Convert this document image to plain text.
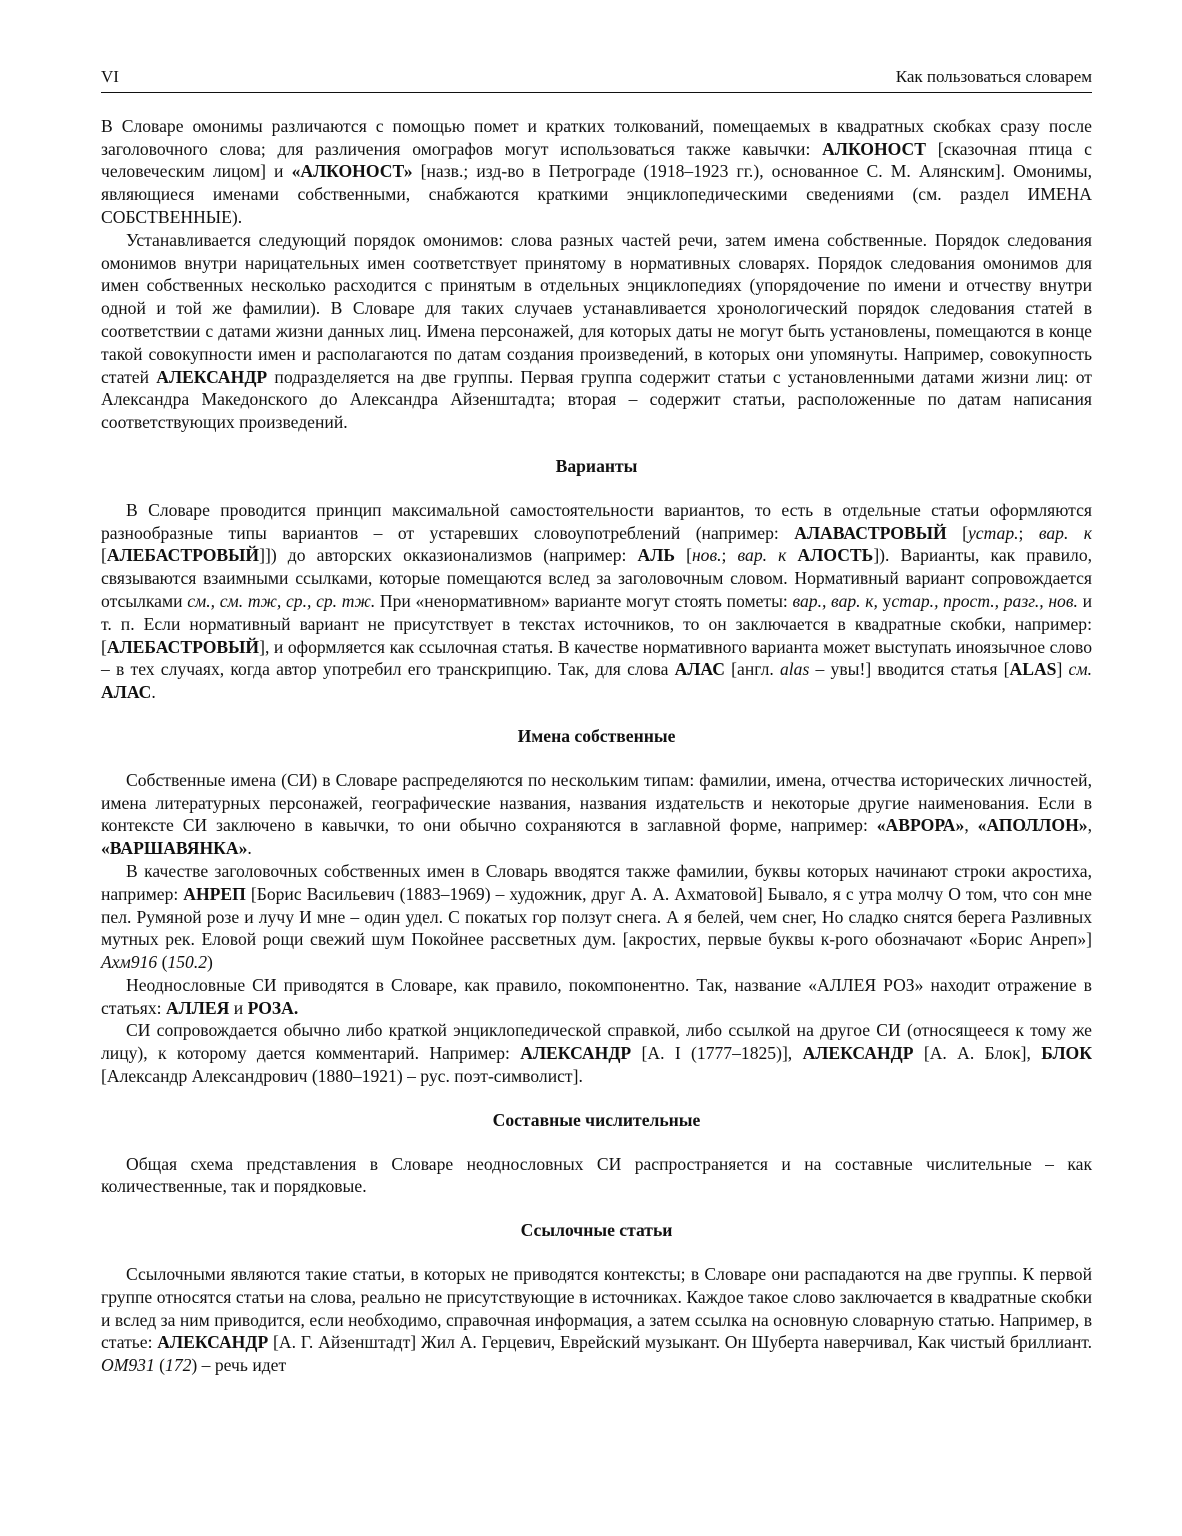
VI	Как пользоваться словарем

В Словаре омонимы различаются с помощью помет и кратких толкований, помещаемых в квадратных скобках сразу после заголовочного слова; для различения омографов могут использоваться также кавычки: АЛКОНОСТ [сказочная птица с человеческим лицом] и «АЛКОНОСТ» [назв.; изд-во в Петрограде (1918–1923 гг.), основанное С. М. Алянским]. Омонимы, являющиеся именами собственными, снабжаются краткими энциклопедическими сведениями (см. раздел ИМЕНА СОБСТВЕННЫЕ).

Устанавливается следующий порядок омонимов: слова разных частей речи, затем имена собственные. Порядок следования омонимов внутри нарицательных имен соответствует принятому в нормативных словарях. Порядок следования омонимов для имен собственных несколько расходится с принятым в отдельных энциклопедиях (упорядочение по имени и отчеству внутри одной и той же фамилии). В Словаре для таких случаев устанавливается хронологический порядок следования статей в соответствии с датами жизни данных лиц. Имена персонажей, для которых даты не могут быть установлены, помещаются в конце такой совокупности имен и располагаются по датам создания произведений, в которых они упомянуты. Например, совокупность статей АЛЕКСАНДР подразделяется на две группы. Первая группа содержит статьи с установленными датами жизни лиц: от Александра Македонского до Александра Айзенштадта; вторая – содержит статьи, расположенные по датам написания соответствующих произведений.

Варианты

В Словаре проводится принцип максимальной самостоятельности вариантов, то есть в отдельные статьи оформляются разнообразные типы вариантов – от устаревших словоупотреблений (например: АЛАВАСТРОВЫЙ [устар.; вар. к [АЛЕБАСТРОВЫЙ]]) до авторских окказионализмов (например: АЛЬ [нов.; вар. к АЛОСТЬ]). Варианты, как правило, связываются взаимными ссылками, которые помещаются вслед за заголовочным словом. Нормативный вариант сопровождается отсылками см., см. тж, ср., ср. тж. При «ненормативном» варианте могут стоять пометы: вар., вар. к, устар., прост., разг., нов. и т. п. Если нормативный вариант не присутствует в текстах источников, то он заключается в квадратные скобки, например: [АЛЕБАСТРОВЫЙ], и оформляется как ссылочная статья. В качестве нормативного варианта может выступать иноязычное слово – в тех случаях, когда автор употребил его транскрипцию. Так, для слова АЛАС [англ. alas – увы!] вводится статья [ALAS] см. АЛАС.

Имена собственные

Собственные имена (СИ) в Словаре распределяются по нескольким типам: фамилии, имена, отчества исторических личностей, имена литературных персонажей, географические названия, названия издательств и некоторые другие наименования. Если в контексте СИ заключено в кавычки, то они обычно сохраняются в заглавной форме, например: «АВРОРА», «АПОЛЛОН», «ВАРШАВЯНКА».

В качестве заголовочных собственных имен в Словарь вводятся также фамилии, буквы которых начинают строки акростиха, например: АНРЕП [Борис Васильевич (1883–1969) – художник, друг А. А. Ахматовой] Бывало, я с утра молчу О том, что сон мне пел. Румяной розе и лучу И мне – один удел. С покатых гор ползут снега. А я белей, чем снег, Но сладко снятся берега Разливных мутных рек. Еловой рощи свежий шум Покойнее рассветных дум. [акростих, первые буквы к-рого обозначают «Борис Анреп»] Ахм916 (150.2)

Неоднословные СИ приводятся в Словаре, как правило, покомпонентно. Так, название «АЛЛЕЯ РОЗ» находит отражение в статьях: АЛЛЕЯ и РОЗА.

СИ сопровождается обычно либо краткой энциклопедической справкой, либо ссылкой на другое СИ (относящееся к тому же лицу), к которому дается комментарий. Например: АЛЕКСАНДР [А. I (1777–1825)], АЛЕКСАНДР [А. А. Блок], БЛОК [Александр Александрович (1880–1921) – рус. поэт-символист].

Составные числительные

Общая схема представления в Словаре неоднословных СИ распространяется и на составные числительные – как количественные, так и порядковые.

Ссылочные статьи

Ссылочными являются такие статьи, в которых не приводятся контексты; в Словаре они распадаются на две группы. К первой группе относятся статьи на слова, реально не присутствующие в источниках. Каждое такое слово заключается в квадратные скобки и вслед за ним приводится, если необходимо, справочная информация, а затем ссылка на основную словарную статью. Например, в статье: АЛЕКСАНДР [А. Г. Айзенштадт] Жил А. Герцевич, Еврейский музыкант. Он Шуберта наверчивал, Как чистый бриллиант. ОМ931 (172) – речь идет
